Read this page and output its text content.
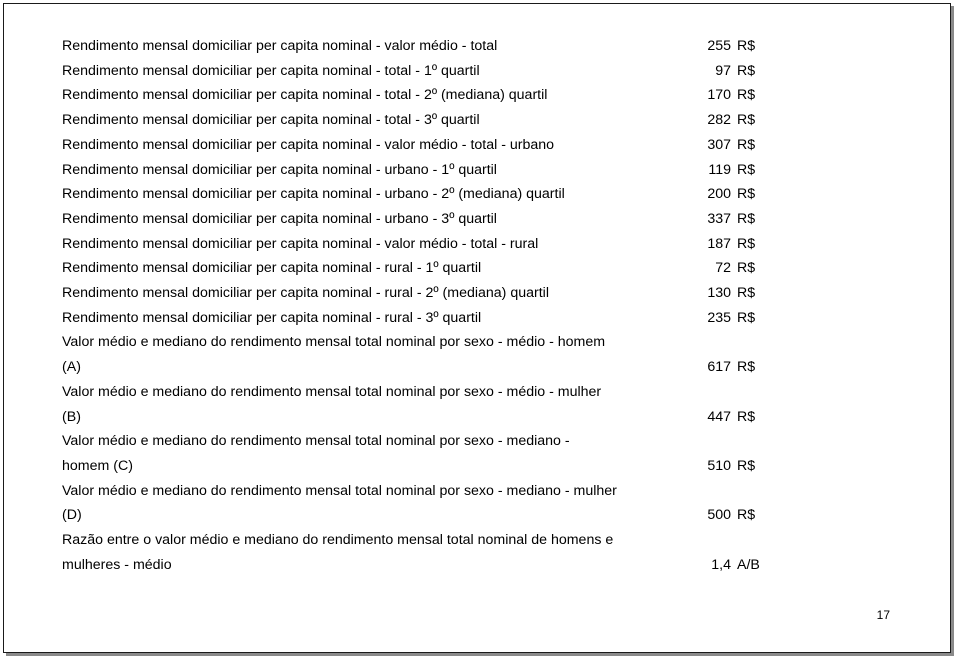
Rendimento mensal domiciliar per capita nominal - valor médio - total	255 R$
Rendimento mensal domiciliar per capita nominal - total - 1º quartil	97 R$
Rendimento mensal domiciliar per capita nominal - total - 2º (mediana) quartil	170 R$
Rendimento mensal domiciliar per capita nominal - total - 3º quartil	282 R$
Rendimento mensal domiciliar per capita nominal - valor médio - total - urbano	307 R$
Rendimento mensal domiciliar per capita nominal - urbano - 1º quartil	119 R$
Rendimento mensal domiciliar per capita nominal - urbano - 2º (mediana) quartil	200 R$
Rendimento mensal domiciliar per capita nominal - urbano - 3º quartil	337 R$
Rendimento mensal domiciliar per capita nominal - valor médio - total - rural	187 R$
Rendimento mensal domiciliar per capita nominal - rural - 1º quartil	72 R$
Rendimento mensal domiciliar per capita nominal - rural - 2º (mediana) quartil	130 R$
Rendimento mensal domiciliar per capita nominal - rural - 3º quartil	235 R$
Valor médio e mediano do rendimento mensal total nominal por sexo - médio - homem (A)	617 R$
Valor médio e mediano do rendimento mensal total nominal por sexo - médio - mulher (B)	447 R$
Valor médio e mediano do rendimento mensal total nominal por sexo - mediano - homem (C)	510 R$
Valor médio e mediano do rendimento mensal total nominal por sexo - mediano - mulher (D)	500 R$
Razão entre o valor médio e mediano do rendimento mensal total nominal de homens e mulheres - médio	1,4 A/B
17
